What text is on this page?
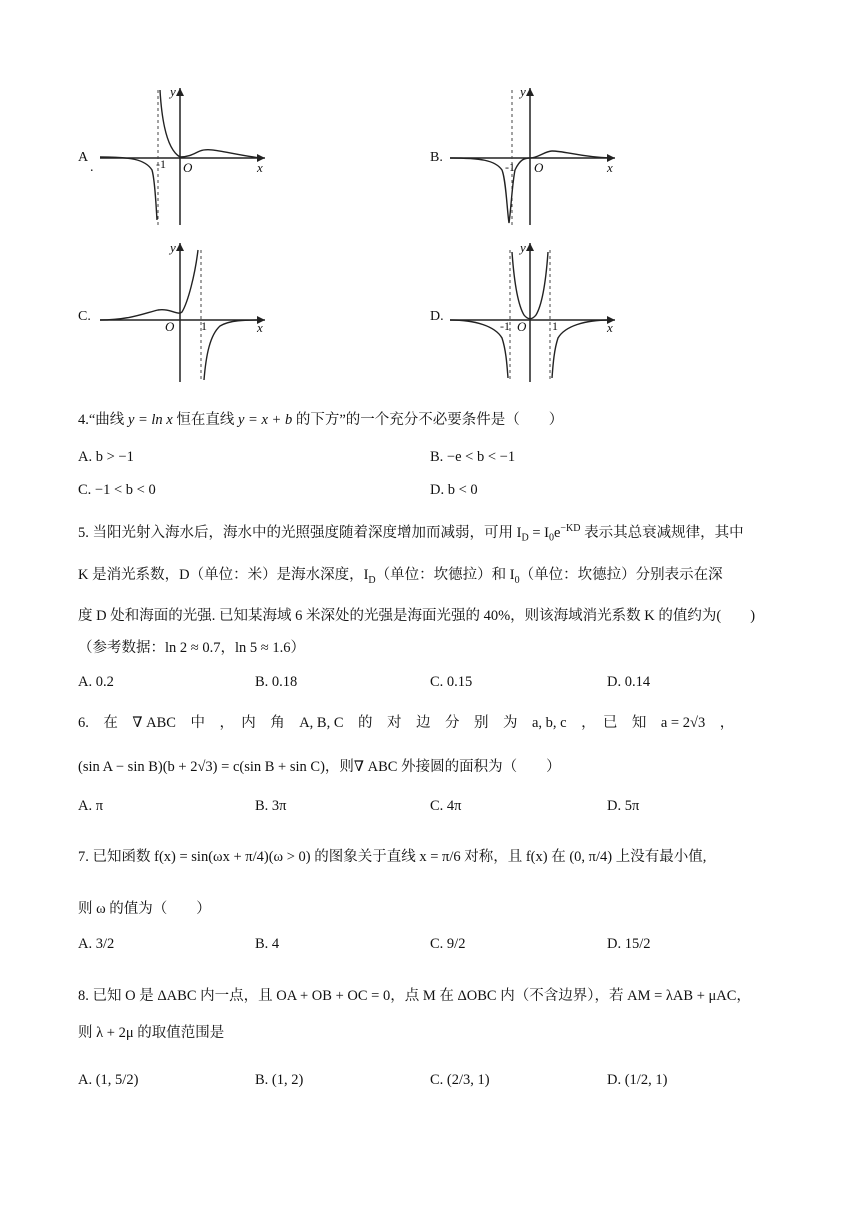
A
.
y
x
O
-1	B.
y
x
O
-1
C.
y
x
O 1
D.
y
x
O
-1	1
4.“曲线 y = ln x 恒在直线 y = x + b 的下方”的一个充分不必要条件是（　　）
A. b > −1	B. −e < b < −1
C. −1 < b < 0	D. b < 0
5. 当阳光射入海水后，海水中的光照强度随着深度增加而减弱，可用 $I_D = I_0e^{-KD}$ 表示其总衰减规律，其中
K 是消光系数，D（单位：米）是海水深度，$I_D$（单位：坎德拉）和 $I_0$（单位：坎德拉）分别表示在深
度 D 处和海面的光强. 已知某海域 6 米深处的光强是海面光强的 40%，则该海域消光系数 K 的值约为(　　)
（参考数据：ln 2 ≈ 0.7，ln 5 ≈ 1.6）
A. 0.2	B. 0.18	C. 0.15	D. 0.14
6.　在　∇ ABC　中　，　内　角　A, B, C　的　对　边　分　别　为　a, b, c　，　已　知　a = 2√3　，
(sin A − sin B)(b + 2√3) = c(sin B + sin C)，则∇ ABC 外接圆的面积为（　　）
A. π	B. 3π	C. 4π	D. 5π
7. 已知函数 f(x) = sin(ωx + π/4)(ω > 0) 的图象关于直线 x = π/6 对称，且 f(x) 在 (0, π/4) 上没有最小值,
则 ω 的值为（　　）
A. 3/2	B. 4	C. 9/2	D. 15/2
8. 已知 O 是 ΔABC 内一点，且 OA + OB + OC = 0，点 M 在 ΔOBC 内（不含边界），若 AM = λAB + μAC，
则 λ + 2μ 的取值范围是
A. (1, 5/2)	B. (1, 2)	C. (2/3, 1)	D. (1/2, 1)
